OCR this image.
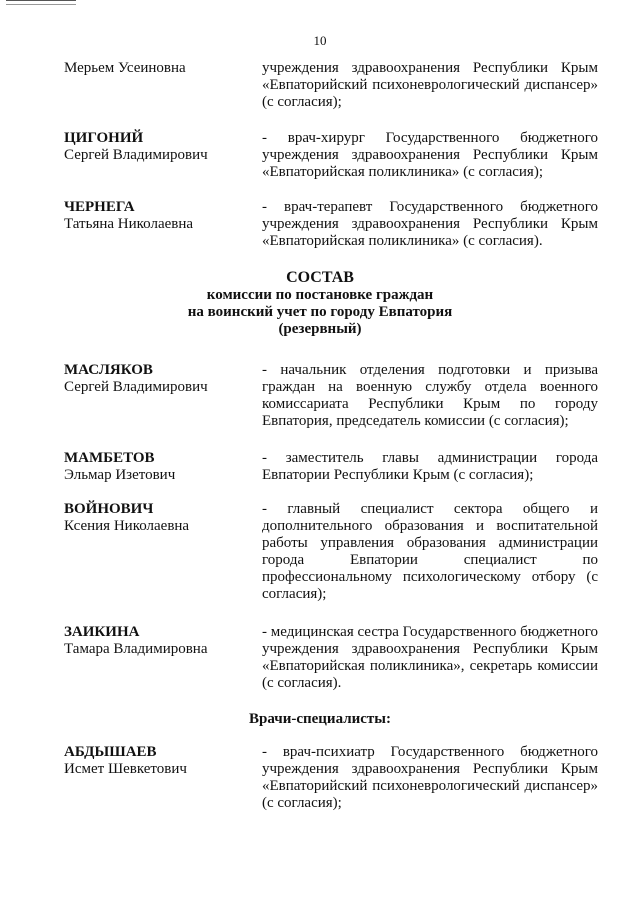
10
Мерьем Усеиновна	учреждения здравоохранения Республики Крым «Евпаторийский психоневрологический диспансер» (с согласия);
ЦИГОНИЙ
Сергей Владимирович
- врач-хирург Государственного бюджетного учреждения здравоохранения Республики Крым «Евпаторийская поликлиника» (с согласия);
ЧЕРНЕГА
Татьяна Николаевна
- врач-терапевт Государственного бюджетного учреждения здравоохранения Республики Крым «Евпаторийская поликлиника» (с согласия).
СОСТАВ
комиссии по постановке граждан
на воинский учет по городу Евпатория
(резервный)
МАСЛЯКОВ
Сергей Владимирович
- начальник отделения подготовки и призыва граждан на военную службу отдела военного комиссариата Республики Крым по городу Евпатория, председатель комиссии (с согласия);
МАМБЕТОВ
Эльмар Изетович
- заместитель главы администрации города Евпатории Республики Крым (с согласия);
ВОЙНОВИЧ
Ксения Николаевна
- главный специалист сектора общего и дополнительного образования и воспитательной работы управления образования администрации города Евпатории специалист по профессиональному психологическому отбору (с согласия);
ЗАИКИНА
Тамара Владимировна
- медицинская сестра Государственного бюджетного учреждения здравоохранения Республики Крым «Евпаторийская поликлиника», секретарь комиссии (с согласия).
Врачи-специалисты:
АБДЫШАЕВ
Исмет Шевкетович
- врач-психиатр Государственного бюджетного учреждения здравоохранения Республики Крым «Евпаторийский психоневрологический диспансер» (с согласия);
